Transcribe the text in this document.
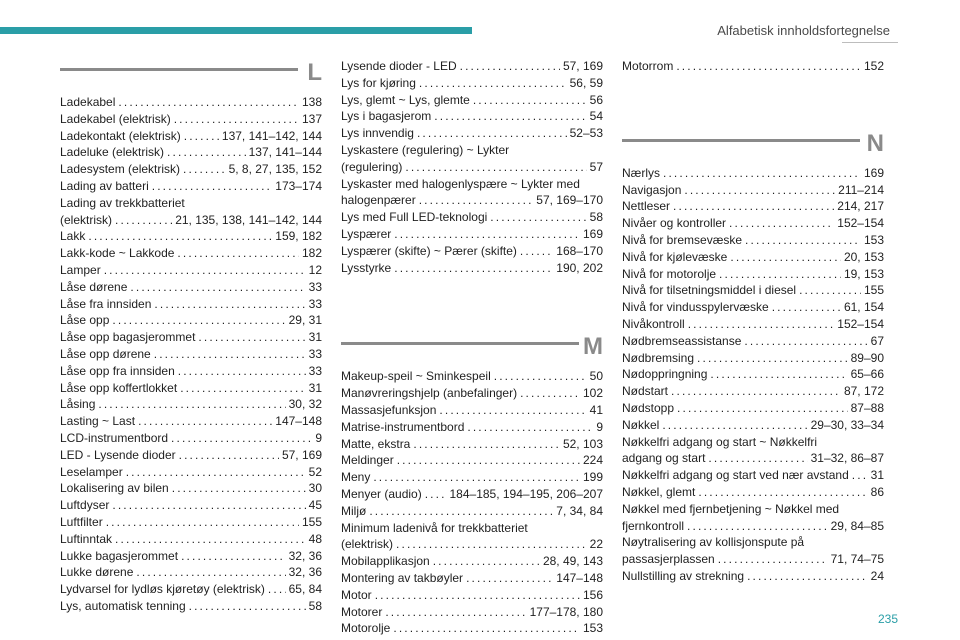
Alfabetisk innholdsfortegnelse
L
Ladekabel . . .	138
Ladekabel (elektrisk) . . .	137
Ladekontakt (elektrisk) . . .	137, 141–142, 144
Ladeluke (elektrisk) . . .	137, 141–144
Ladesystem (elektrisk) . . .	5, 8, 27, 135, 152
Lading av batteri . . .	173–174
Lading av trekkbatteriet
(elektrisk) . . .	21, 135, 138, 141–142, 144
Lakk . . .	159, 182
Lakk-kode ~ Lakkode . . .	182
Lamper . . .	12
Låse dørene . . .	33
Låse fra innsiden . . .	33
Låse opp . . .	29, 31
Låse opp bagasjerommet . . .	31
Låse opp dørene . . .	33
Låse opp fra innsiden . . .	33
Låse opp koffertlokket . . .	31
Låsing . . .	30, 32
Lasting ~ Last . . .	147–148
LCD-instrumentbord . . .	9
LED - Lysende dioder . . .	57, 169
Leselamper . . .	52
Lokalisering av bilen . . .	30
Luftdyser . . .	45
Luftfilter . . .	155
Luftinntak . . .	48
Lukke bagasjerommet . . .	32, 36
Lukke dørene . . .	32, 36
Lydvarsel for lydløs kjøretøy (elektrisk) . . . 65, 84
Lys, automatisk tenning . . .	58
Lysende dioder - LED . . .	57, 169
Lys for kjøring . . .	56, 59
Lys, glemt ~ Lys, glemte . . .	56
Lys i bagasjerom . . .	54
Lys innvendig . . .	52–53
Lyskastere (regulering) ~ Lykter
(regulering) . . .	57
Lyskaster med halogenlyspære ~ Lykter med
halogenpærer . . .	57, 169–170
Lys med Full LED-teknologi . . .	58
Lyspærer . . .	169
Lyspærer (skifte) ~ Pærer (skifte) . . .	168–170
Lysstyrke . . .	190, 202
M
Makeup-speil ~ Sminkespeil . . .	50
Manøvreringshjelp (anbefalinger) . . .	102
Massasjefunksjon . . .	41
Matrise-instrumentbord . . .	9
Matte, ekstra . . .	52, 103
Meldinger . . .	224
Meny . . .	199
Menyer (audio) . . . 184–185, 194–195, 206–207
Miljø . . .	7, 34, 84
Minimum ladenivå for trekkbatteriet
(elektrisk) . . .	22
Mobilapplikasjon . . .	28, 49, 143
Montering av takbøyler . . .	147–148
Motor . . .	156
Motorer . . .	177–178, 180
Motorolje . . .	153
Motorrom . . .	152
N
Nærlys . . .	169
Navigasjon . . .	211–214
Nettleser . . .	214, 217
Nivåer og kontroller . . .	152–154
Nivå for bremsevæske . . .	153
Nivå for kjølevæske . . .	20, 153
Nivå for motorolje . . .	19, 153
Nivå for tilsetningsmiddel i diesel . . .	155
Nivå for vindusspylervæske . . .	61, 154
Nivåkontroll . . .	152–154
Nødbremseassistanse . . .	67
Nødbremsing . . .	89–90
Nødoppringning . . .	65–66
Nødstart . . .	87, 172
Nødstopp . . .	87–88
Nøkkel . . .	29–30, 33–34
Nøkkelfri adgang og start ~ Nøkkelfri
adgang og start . . .	31–32, 86–87
Nøkkelfri adgang og start ved nær avstand . . . 31
Nøkkel, glemt . . .	86
Nøkkel med fjernbetjening ~ Nøkkel med
fjernkontroll . . .	29, 84–85
Nøytralisering av kollisjonspute på
passasjerplassen . . .	71, 74–75
Nullstilling av strekning . . .	24
235
